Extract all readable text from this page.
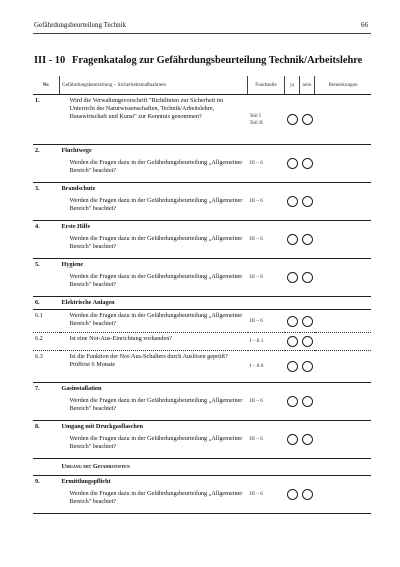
Gefährdungsbeurteilung Technik	66
III - 10 Fragenkatalog zur Gefährdungsbeurteilung Technik/Arbeitslehre
Nr.	Gefährdungsbeurteilung – Sicherheitsmaßnahmen	Fundstelle	ja	nein	Bemerkungen
1.	Wird die Verwaltungsvorschrift "Richtlinien zur Sicherheit im Unterricht der Naturwissenschaften, Technik/Arbeitslehre, Hauswirtschaft und Kunst" zur Kenntnis genommen?	Teil I
Teil II			
2.	Fluchtwege
Werden die Fragen dazu in der Gefährdungsbeurteilung „Allgemeiner Bereich" beachtet?	III – 6			
3.	Brandschutz
Werden die Fragen dazu in der Gefährdungsbeurteilung „Allgemeiner Bereich" beachtet?	III – 6			
4.	Erste Hilfe
Werden die Fragen dazu in der Gefährdungsbeurteilung „Allgemeiner Bereich" beachtet?	III – 6			
5.	Hygiene
Werden die Fragen dazu in der Gefährdungsbeurteilung „Allgemeiner Bereich" beachtet?	III – 6			
6.	Elektrische Anlagen				

6.1	Werden die Fragen dazu in der Gefährdungsbeurteilung „Allgemeiner Bereich" beachtet?	III – 6			
6.2	Ist eine Not-Aus-Einrichtung vorhanden?	I – 8.1			
6.3	Ist die Funktion der Not-Aus-Schalters durch Auslösen geprüft?
Prüffrist 6 Monate	I – 8.6			
7.	Gasinstallation
Werden die Fragen dazu in der Gefährdungsbeurteilung „Allgemeiner Bereich" beachtet?	III – 6			
8.	Umgang mit Druckgasflaschen
Werden die Fragen dazu in der Gefährdungsbeurteilung „Allgemeiner Bereich" beachtet?	III – 6			
	Umgang mit Gefahrstoffen				
9.	Ermittlungspflicht
Werden die Fragen dazu in der Gefährdungsbeurteilung „Allgemeiner Bereich" beachtet?	III – 6			
